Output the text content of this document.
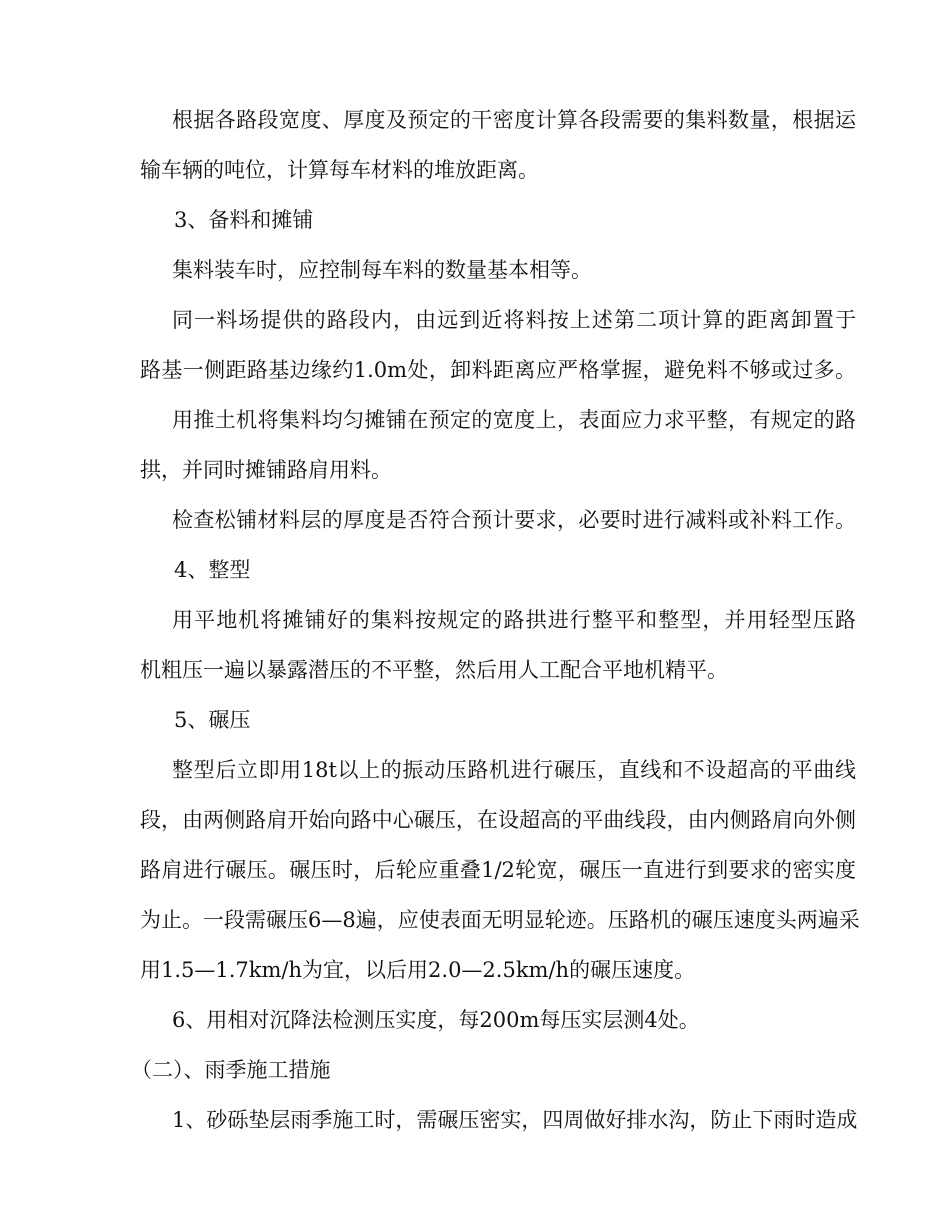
根据各路段宽度、厚度及预定的干密度计算各段需要的集料数量，根据运
输车辆的吨位，计算每车材料的堆放距离。
3、备料和摊铺
集料装车时，应控制每车料的数量基本相等。
同一料场提供的路段内，由远到近将料按上述第二项计算的距离卸置于
路基一侧距路基边缘约1.0m处，卸料距离应严格掌握，避免料不够或过多。
用推土机将集料均匀摊铺在预定的宽度上，表面应力求平整，有规定的路
拱，并同时摊铺路肩用料。
检查松铺材料层的厚度是否符合预计要求，必要时进行减料或补料工作。
4、整型
用平地机将摊铺好的集料按规定的路拱进行整平和整型，并用轻型压路
机粗压一遍以暴露潜压的不平整，然后用人工配合平地机精平。
5、碾压
整型后立即用18t以上的振动压路机进行碾压，直线和不设超高的平曲线
段，由两侧路肩开始向路中心碾压，在设超高的平曲线段，由内侧路肩向外侧
路肩进行碾压。碾压时，后轮应重叠1/2轮宽，碾压一直进行到要求的密实度
为止。一段需碾压6—8遍，应使表面无明显轮迹。压路机的碾压速度头两遍采
用1.5—1.7km/h为宜，以后用2.0—2.5km/h的碾压速度。
6、用相对沉降法检测压实度，每200m每压实层测4处。
（二）、雨季施工措施
1、砂砾垫层雨季施工时，需碾压密实，四周做好排水沟，防止下雨时造成
